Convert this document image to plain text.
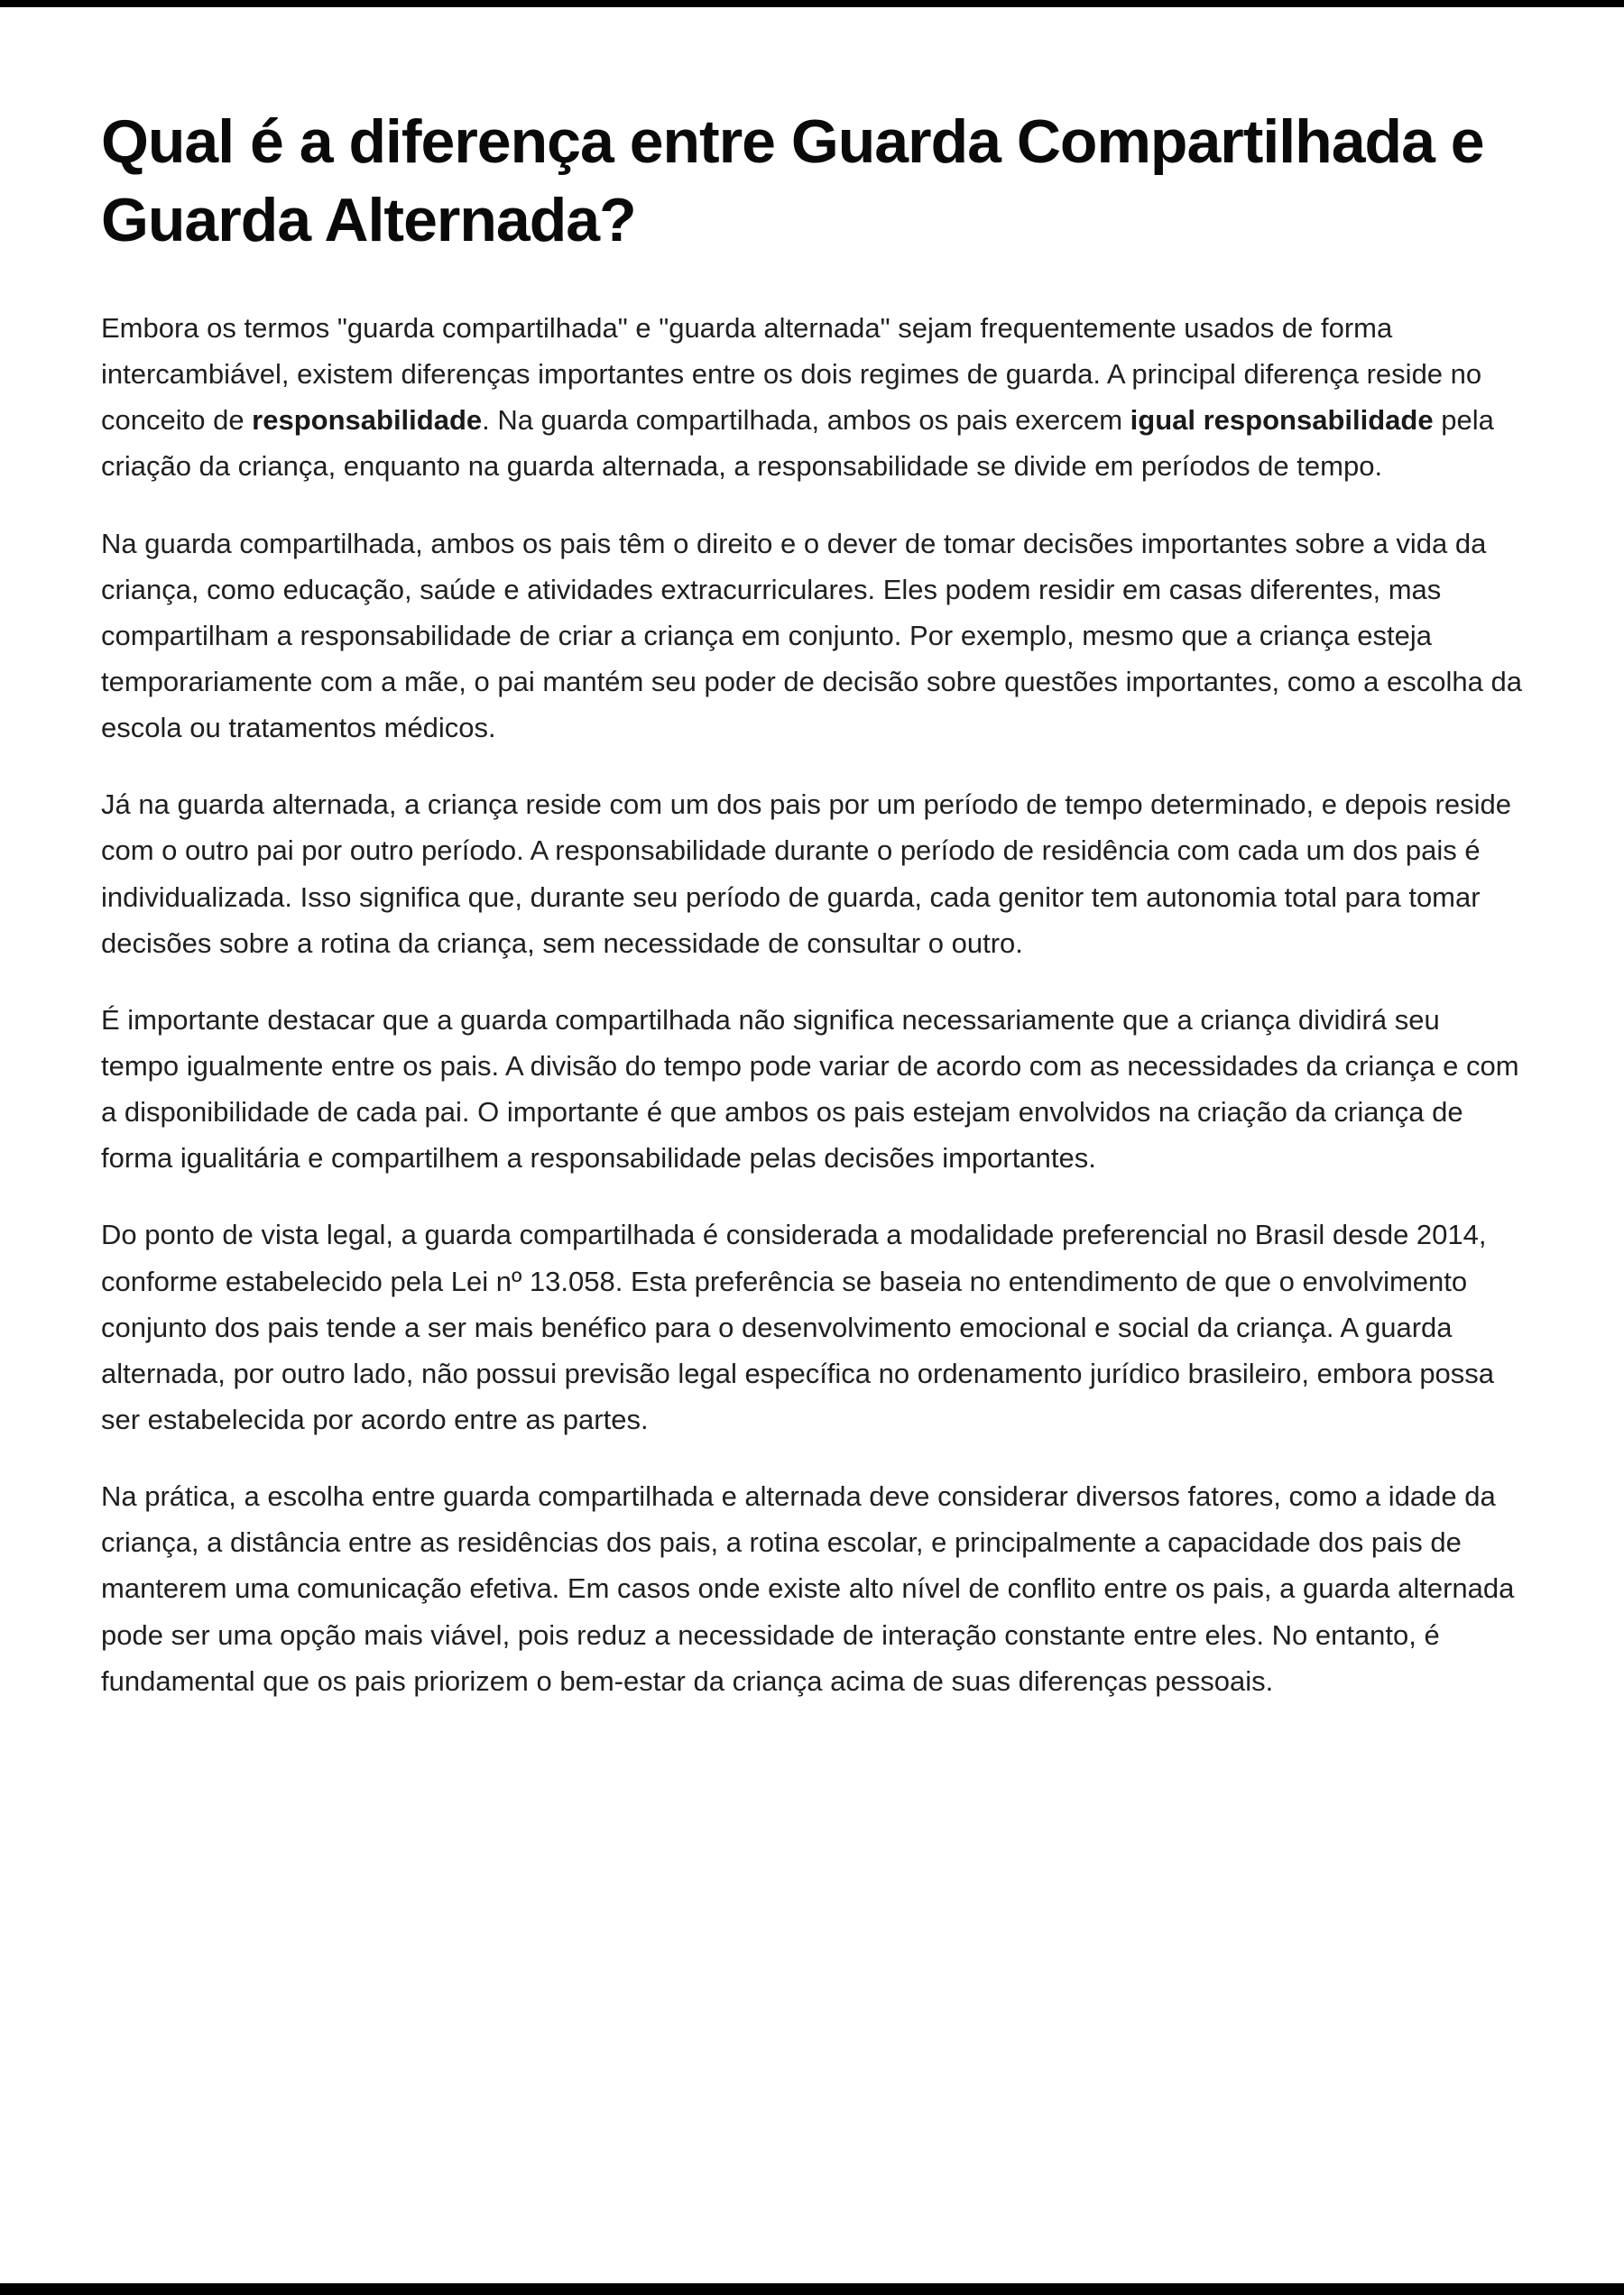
Qual é a diferença entre Guarda Compartilhada e Guarda Alternada?

Embora os termos "guarda compartilhada" e "guarda alternada" sejam frequentemente usados de forma intercambiável, existem diferenças importantes entre os dois regimes de guarda. A principal diferença reside no conceito de responsabilidade. Na guarda compartilhada, ambos os pais exercem igual responsabilidade pela criação da criança, enquanto na guarda alternada, a responsabilidade se divide em períodos de tempo.

Na guarda compartilhada, ambos os pais têm o direito e o dever de tomar decisões importantes sobre a vida da criança, como educação, saúde e atividades extracurriculares. Eles podem residir em casas diferentes, mas compartilham a responsabilidade de criar a criança em conjunto. Por exemplo, mesmo que a criança esteja temporariamente com a mãe, o pai mantém seu poder de decisão sobre questões importantes, como a escolha da escola ou tratamentos médicos.

Já na guarda alternada, a criança reside com um dos pais por um período de tempo determinado, e depois reside com o outro pai por outro período. A responsabilidade durante o período de residência com cada um dos pais é individualizada. Isso significa que, durante seu período de guarda, cada genitor tem autonomia total para tomar decisões sobre a rotina da criança, sem necessidade de consultar o outro.

É importante destacar que a guarda compartilhada não significa necessariamente que a criança dividirá seu tempo igualmente entre os pais. A divisão do tempo pode variar de acordo com as necessidades da criança e com a disponibilidade de cada pai. O importante é que ambos os pais estejam envolvidos na criação da criança de forma igualitária e compartilhem a responsabilidade pelas decisões importantes.

Do ponto de vista legal, a guarda compartilhada é considerada a modalidade preferencial no Brasil desde 2014, conforme estabelecido pela Lei nº 13.058. Esta preferência se baseia no entendimento de que o envolvimento conjunto dos pais tende a ser mais benéfico para o desenvolvimento emocional e social da criança. A guarda alternada, por outro lado, não possui previsão legal específica no ordenamento jurídico brasileiro, embora possa ser estabelecida por acordo entre as partes.

Na prática, a escolha entre guarda compartilhada e alternada deve considerar diversos fatores, como a idade da criança, a distância entre as residências dos pais, a rotina escolar, e principalmente a capacidade dos pais de manterem uma comunicação efetiva. Em casos onde existe alto nível de conflito entre os pais, a guarda alternada pode ser uma opção mais viável, pois reduz a necessidade de interação constante entre eles. No entanto, é fundamental que os pais priorizem o bem-estar da criança acima de suas diferenças pessoais.
